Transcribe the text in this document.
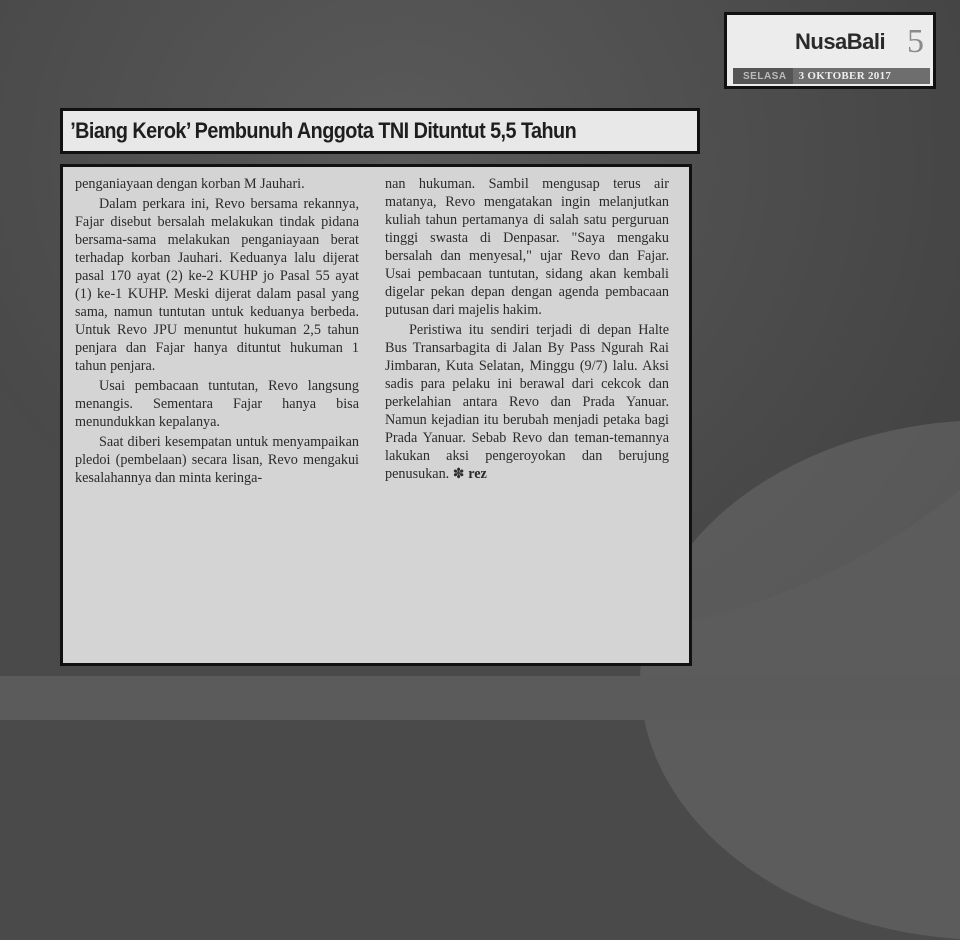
NusaBali 5
SELASA	3 OKTOBER 2017
’Biang Kerok’ Pembunuh Anggota TNI Dituntut 5,5 Tahun

penganiayaan dengan korban M Jauhari.

Dalam perkara ini, Revo bersama rekannya, Fajar disebut bersalah melakukan tindak pidana bersama-sama melakukan penganiayaan berat terhadap korban Jauhari. Keduanya lalu dijerat pasal 170 ayat (2) ke-2 KUHP jo Pasal 55 ayat (1) ke-1 KUHP. Meski dijerat dalam pasal yang sama, namun tuntutan untuk keduanya berbeda. Untuk Revo JPU menuntut hukuman 2,5 tahun penjara dan Fajar hanya dituntut hukuman 1 tahun penjara.

Usai pembacaan tuntutan, Revo langsung menangis. Sementara Fajar hanya bisa menundukkan kepalanya.

Saat diberi kesempatan untuk menyampaikan pledoi (pembelaan) secara lisan, Revo mengakui kesalahannya dan minta keringa-

nan hukuman. Sambil mengusap terus air matanya, Revo mengatakan ingin melanjutkan kuliah tahun pertamanya di salah satu perguruan tinggi swasta di Denpasar. "Saya mengaku bersalah dan menyesal," ujar Revo dan Fajar. Usai pembacaan tuntutan, sidang akan kembali digelar pekan depan dengan agenda pembacaan putusan dari majelis hakim.

Peristiwa itu sendiri terjadi di depan Halte Bus Transarbagita di Jalan By Pass Ngurah Rai Jimbaran, Kuta Selatan, Minggu (9/7) lalu. Aksi sadis para pelaku ini berawal dari cekcok dan perkelahian antara Revo dan Prada Yanuar. Namun kejadian itu berubah menjadi petaka bagi Prada Yanuar. Sebab Revo dan teman-temannya lakukan aksi pengeroyokan dan berujung penusukan. ✽ rez
